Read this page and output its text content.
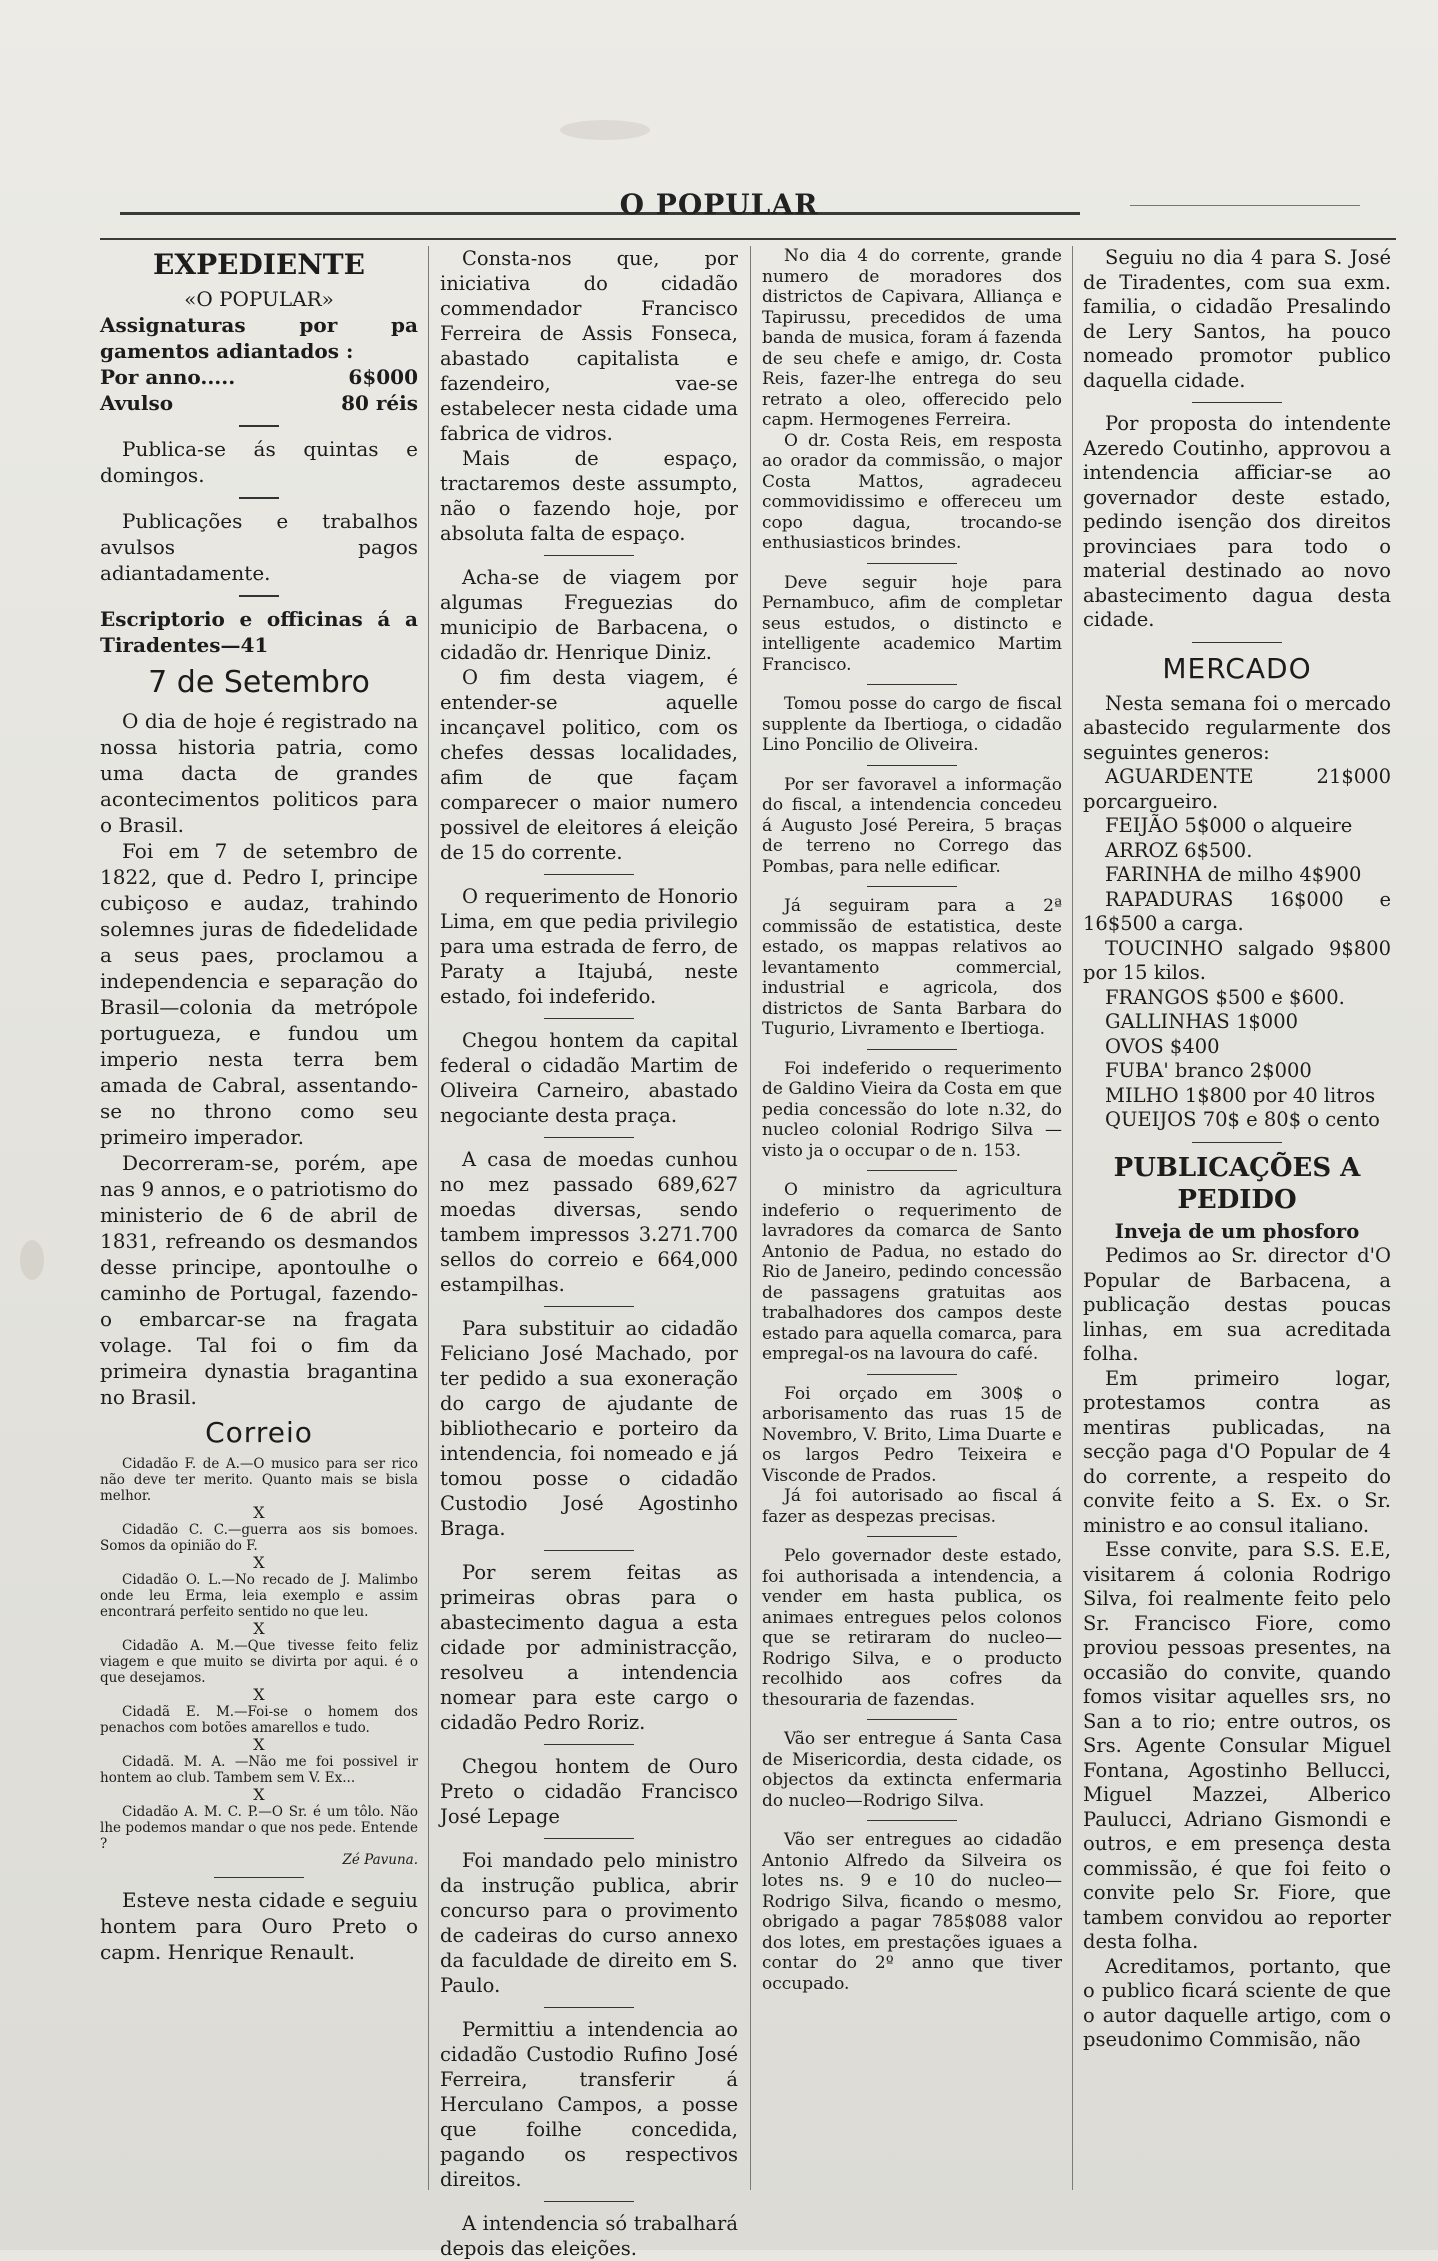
O POPULAR
EXPEDIENTE

«O POPULAR»

Assignaturas por pa gamentos adiantados :

Por anno.....	6$000
Avulso	80 réis

Publica-se ás quintas e domingos.

Publicações e trabalhos avulsos pagos adiantadamente.

Escriptorio e officinas á a Tiradentes—41

7 de Setembro

O dia de hoje é registrado na nossa historia patria, como uma dacta de grandes acontecimentos politicos para o Brasil.

Foi em 7 de setembro de 1822, que d. Pedro I, principe cubiçoso e audaz, trahindo solemnes juras de fidedelidade a seus paes, proclamou a independencia e separação do Brasil—colonia da metrópole portugueza, e fundou um imperio nesta terra bem amada de Cabral, assentando-se no throno como seu primeiro imperador.

Decorreram-se, porém, ape nas 9 annos, e o patriotismo do ministerio de 6 de abril de 1831, refreando os desmandos desse principe, apontoulhe o caminho de Portugal, fazendo-o embarcar-se na fragata volage. Tal foi o fim da primeira dynastia bragantina no Brasil.

Correio

Cidadão F. de A.—O musico para ser rico não deve ter merito. Quanto mais se bisla melhor.

X

Cidadão C. C.—guerra aos sis bomoes. Somos da opinião do F.

X

Cidadão O. L.—No recado de J. Malimbo onde leu Erma, leia exemplo e assim encontrará perfeito sentido no que leu.

X

Cidadão A. M.—Que tivesse feito feliz viagem e que muito se divirta por aqui. é o que desejamos.

X

Cidadã E. M.—Foi-se o homem dos penachos com botões amarellos e tudo.

X

Cidadã. M. A. —Não me foi possivel ir hontem ao club. Tambem sem V. Ex...

X

Cidadão A. M. C. P.—O Sr. é um tôlo. Não lhe podemos mandar o que nos pede. Entende ?

Zé Pavuna.

Esteve nesta cidade e seguiu hontem para Ouro Preto o capm. Henrique Renault.

Consta-nos que, por iniciativa do cidadão commendador Francisco Ferreira de Assis Fonseca, abastado capitalista e fazendeiro, vae-se estabelecer nesta cidade uma fabrica de vidros.

Mais de espaço, tractaremos deste assumpto, não o fazendo hoje, por absoluta falta de espaço.

Acha-se de viagem por algumas Freguezias do municipio de Barbacena, o cidadão dr. Henrique Diniz.

O fim desta viagem, é entender-se aquelle incançavel politico, com os chefes dessas localidades, afim de que façam comparecer o maior numero possivel de eleitores á eleição de 15 do corrente.

O requerimento de Honorio Lima, em que pedia privilegio para uma estrada de ferro, de Paraty a Itajubá, neste estado, foi indeferido.

Chegou hontem da capital federal o cidadão Martim de Oliveira Carneiro, abastado negociante desta praça.

A casa de moedas cunhou no mez passado 689,627 moedas diversas, sendo tambem impressos 3.271.700 sellos do correio e 664,000 estampilhas.

Para substituir ao cidadão Feliciano José Machado, por ter pedido a sua exoneração do cargo de ajudante de bibliothecario e porteiro da intendencia, foi nomeado e já tomou posse o cidadão Custodio José Agostinho Braga.

Por serem feitas as primeiras obras para o abastecimento dagua a esta cidade por administracção, resolveu a intendencia nomear para este cargo o cidadão Pedro Roriz.

Chegou hontem de Ouro Preto o cidadão Francisco José Lepage

Foi mandado pelo ministro da instrução publica, abrir concurso para o provimento de cadeiras do curso annexo da faculdade de direito em S. Paulo.

Permittiu a intendencia ao cidadão Custodio Rufino José Ferreira, transferir á Herculano Campos, a posse que foilhe concedida, pagando os respectivos direitos.

A intendencia só trabalhará depois das eleições.

No dia 4 do corrente, grande numero de moradores dos districtos de Capivara, Alliança e Tapirussu, precedidos de uma banda de musica, foram á fazenda de seu chefe e amigo, dr. Costa Reis, fazer-lhe entrega do seu retrato a oleo, offerecido pelo capm. Hermogenes Ferreira.

O dr. Costa Reis, em resposta ao orador da commissão, o major Costa Mattos, agradeceu commovidissimo e offereceu um copo dagua, trocando-se enthusiasticos brindes.

Deve seguir hoje para Pernambuco, afim de completar seus estudos, o distincto e intelligente academico Martim Francisco.

Tomou posse do cargo de fiscal supplente da Ibertioga, o cidadão Lino Poncilio de Oliveira.

Por ser favoravel a informação do fiscal, a intendencia concedeu á Augusto José Pereira, 5 braças de terreno no Corrego das Pombas, para nelle edificar.

Já seguiram para a 2ª commissão de estatistica, deste estado, os mappas relativos ao levantamento commercial, industrial e agricola, dos districtos de Santa Barbara do Tugurio, Livramento e Ibertioga.

Foi indeferido o requerimento de Galdino Vieira da Costa em que pedia concessão do lote n.32, do nucleo colonial Rodrigo Silva —visto ja o occupar o de n. 153.

O ministro da agricultura indeferio o requerimento de lavradores da comarca de Santo Antonio de Padua, no estado do Rio de Janeiro, pedindo concessão de passagens gratuitas aos trabalhadores dos campos deste estado para aquella comarca, para empregal-os na lavoura do café.

Foi orçado em 300$ o arborisamento das ruas 15 de Novembro, V. Brito, Lima Duarte e os largos Pedro Teixeira e Visconde de Prados.

Já foi autorisado ao fiscal á fazer as despezas precisas.

Pelo governador deste estado, foi authorisada a intendencia, a vender em hasta publica, os animaes entregues pelos colonos que se retiraram do nucleo—Rodrigo Silva, e o producto recolhido aos cofres da thesouraria de fazendas.

Vão ser entregue á Santa Casa de Misericordia, desta cidade, os objectos da extincta enfermaria do nucleo—Rodrigo Silva.

Vão ser entregues ao cidadão Antonio Alfredo da Silveira os lotes ns. 9 e 10 do nucleo—Rodrigo Silva, ficando o mesmo, obrigado a pagar 785$088 valor dos lotes, em prestações iguaes a contar do 2º anno que tiver occupado.

Seguiu no dia 4 para S. José de Tiradentes, com sua exm. familia, o cidadão Presalindo de Lery Santos, ha pouco nomeado promotor publico daquella cidade.

Por proposta do intendente Azeredo Coutinho, approvou a intendencia afficiar-se ao governador deste estado, pedindo isenção dos direitos provinciaes para todo o material destinado ao novo abastecimento dagua desta cidade.

MERCADO

Nesta semana foi o mercado abastecido regularmente dos seguintes generos:

AGUARDENTE 21$000 porcargueiro.

FEIJÃO 5$000 o alqueire

ARROZ 6$500.

FARINHA de milho 4$900

RAPADURAS 16$000 e 16$500 a carga.

TOUCINHO salgado 9$800 por 15 kilos.

FRANGOS $500 e $600.

GALLINHAS 1$000

OVOS $400

FUBA' branco 2$000

MILHO 1$800 por 40 litros

QUEIJOS 70$ e 80$ o cento

PUBLICAÇÕES A PEDIDO

Inveja de um phosforo

Pedimos ao Sr. director d'O Popular de Barbacena, a publicação destas poucas linhas, em sua acreditada folha.

Em primeiro logar, protestamos contra as mentiras publicadas, na secção paga d'O Popular de 4 do corrente, a respeito do convite feito a S. Ex. o Sr. ministro e ao consul italiano.

Esse convite, para S.S. E.E, visitarem á colonia Rodrigo Silva, foi realmente feito pelo Sr. Francisco Fiore, como proviou pessoas presentes, na occasião do convite, quando fomos visitar aquelles srs, no San a to rio; entre outros, os Srs. Agente Consular Miguel Fontana, Agostinho Bellucci, Miguel Mazzei, Alberico Paulucci, Adriano Gismondi e outros, e em presença desta commissão, é que foi feito o convite pelo Sr. Fiore, que tambem convidou ao reporter desta folha.

Acreditamos, portanto, que o publico ficará sciente de que o autor daquelle artigo, com o pseudonimo Commisão, não
